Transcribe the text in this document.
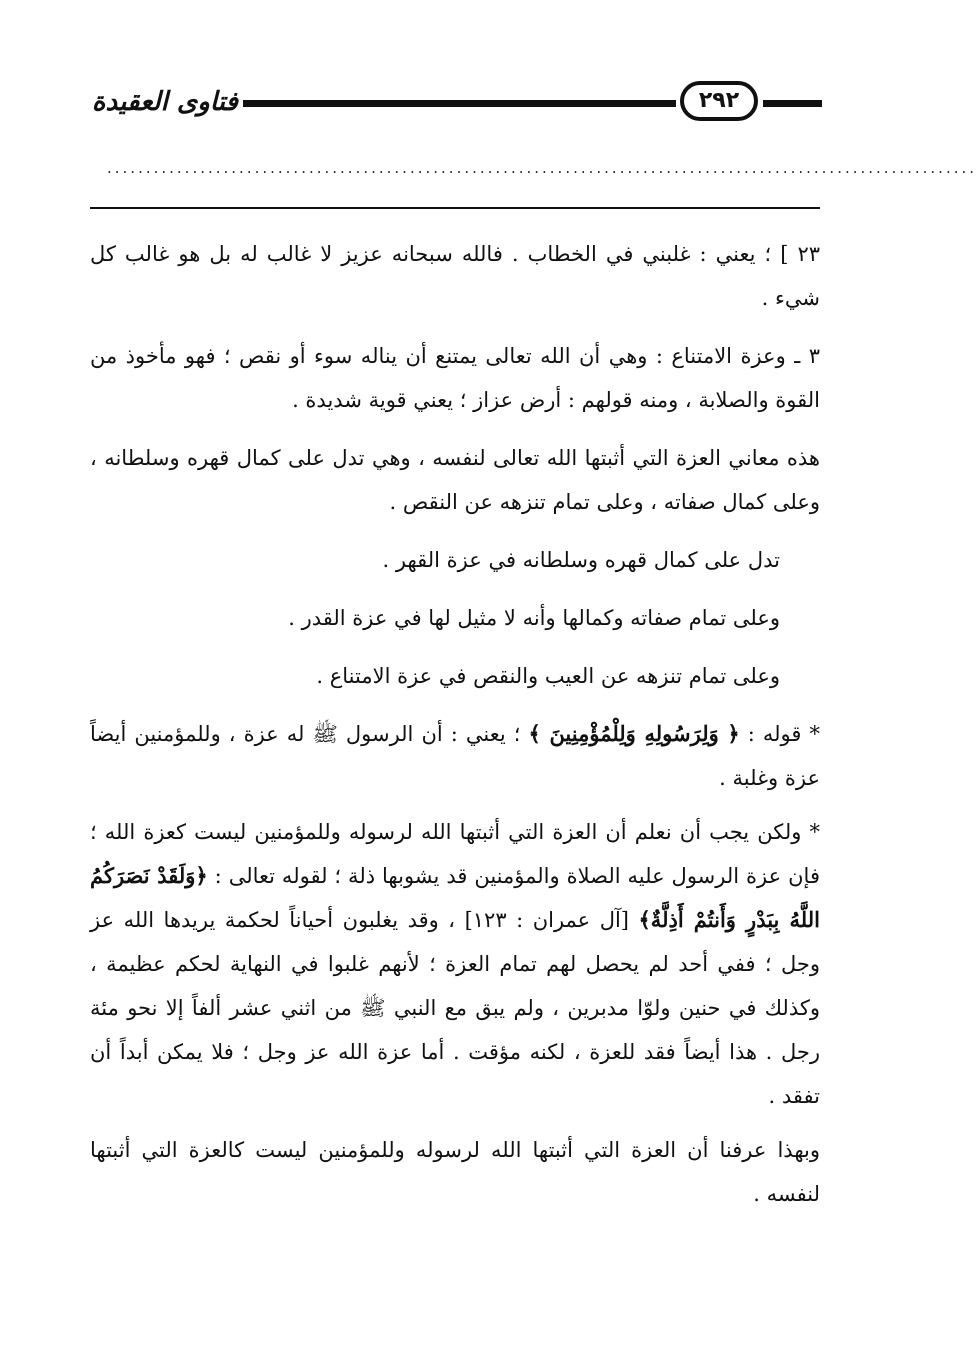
فتاوى العقيدة	٢٩٢
................................................................................................................

٢٣ ] ؛ يعني : غلبني في الخطاب . فالله سبحانه عزيز لا غالب له بل هو غالب كل شيء .

٣ ـ وعزة الامتناع : وهي أن الله تعالى يمتنع أن يناله سوء أو نقص ؛ فهو مأخوذ من القوة والصلابة ، ومنه قولهم : أرض عزاز ؛ يعني قوية شديدة .

هذه معاني العزة التي أثبتها الله تعالى لنفسه ، وهي تدل على كمال قهره وسلطانه ، وعلى كمال صفاته ، وعلى تمام تنزهه عن النقص .

تدل على كمال قهره وسلطانه في عزة القهر .

وعلى تمام صفاته وكمالها وأنه لا مثيل لها في عزة القدر .

وعلى تمام تنزهه عن العيب والنقص في عزة الامتناع .

* قوله : ﴿ وَلِرَسُولِهِ وَلِلْمُؤْمِنِينَ ﴾ ؛ يعني : أن الرسول ﷺ له عزة ، وللمؤمنين أيضاً عزة وغلبة .

* ولكن يجب أن نعلم أن العزة التي أثبتها الله لرسوله وللمؤمنين ليست كعزة الله ؛ فإن عزة الرسول عليه الصلاة والمؤمنين قد يشوبها ذلة ؛ لقوله تعالى : ﴿وَلَقَدْ نَصَرَكُمُ اللَّهُ بِبَدْرٍ وَأَنتُمْ أَذِلَّةٌ﴾ [آل عمران : ١٢٣] ، وقد يغلبون أحياناً لحكمة يريدها الله عز وجل ؛ ففي أحد لم يحصل لهم تمام العزة ؛ لأنهم غلبوا في النهاية لحكم عظيمة ، وكذلك في حنين ولوّا مدبرين ، ولم يبق مع النبي ﷺ من اثني عشر ألفاً إلا نحو مئة رجل . هذا أيضاً فقد للعزة ، لكنه مؤقت . أما عزة الله عز وجل ؛ فلا يمكن أبداً أن تفقد .

وبهذا عرفنا أن العزة التي أثبتها الله لرسوله وللمؤمنين ليست كالعزة التي أثبتها لنفسه .
